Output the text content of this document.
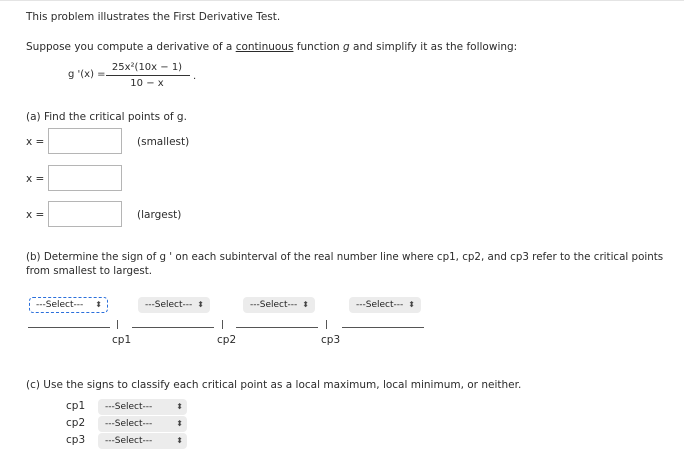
This problem illustrates the First Derivative Test.
Suppose you compute a derivative of a continuous function g and simplify it as the following:
g '(x) =
25x²(10x − 1)
10 − x
.
(a) Find the critical points of g.
x =	(smallest)
x =
x =	(largest)
(b) Determine the sign of g ' on each subinterval of the real number line where cp1, cp2, and cp3 refer to the critical points from smallest to largest.
---Select--- ⬍	---Select--- ⬍	---Select--- ⬍	---Select--- ⬍
cp1	cp2	cp3
(c) Use the signs to classify each critical point as a local maximum, local minimum, or neither.
cp1	---Select---	⬍
cp2	---Select---	⬍
cp3	---Select---	⬍
